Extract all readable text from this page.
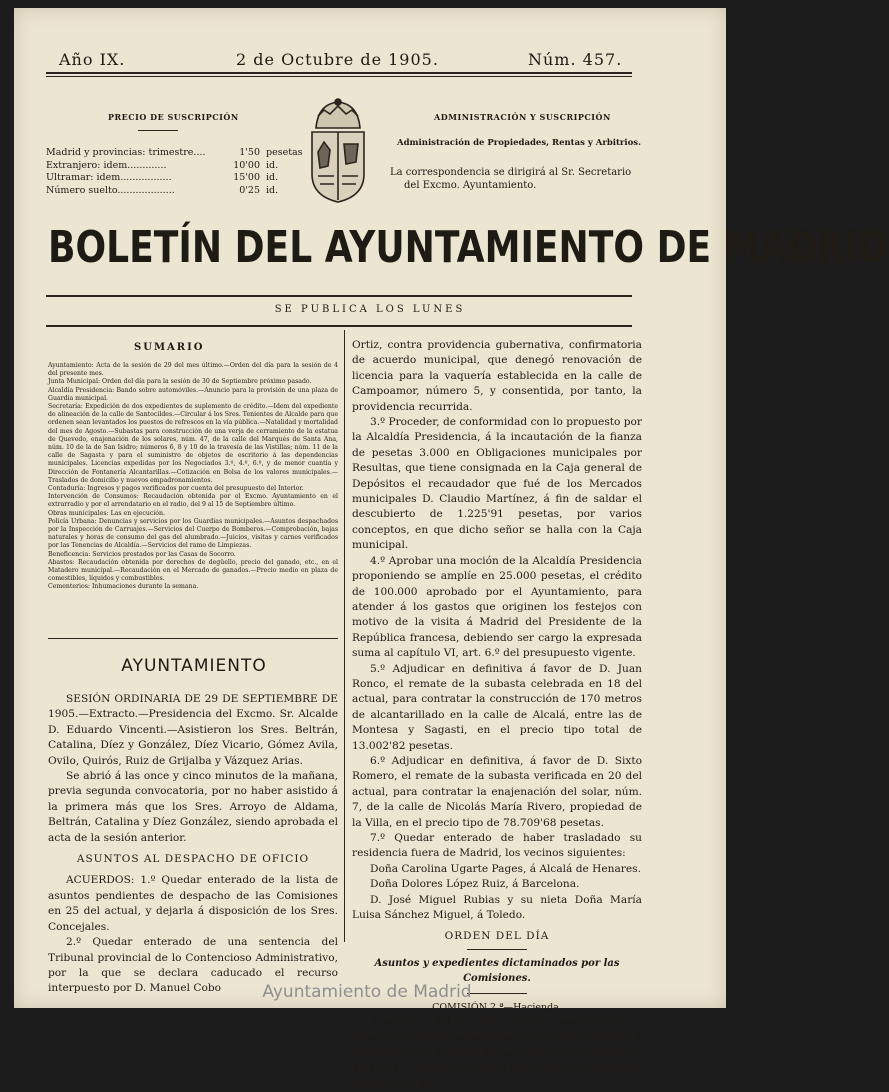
Año IX.	2 de Octubre de 1905.	Núm. 457.
PRECIO DE SUSCRIPCIÓN
Madrid y provincias: trimestre....	1'50 pesetas
Extranjero: idem.............	10'00 id.
Ultramar: idem.................	15'00 id.
Número suelto...................	0'25 id.
ADMINISTRACIÓN Y SUSCRIPCIÓN
Administración de Propiedades, Rentas y Arbitrios.
La correspondencia se dirigirá al Sr. Secretario
del Excmo. Ayuntamiento.
BOLETÍN DEL AYUNTAMIENTO DE MADRID
SE PUBLICA LOS LUNES
SUMARIO

Ayuntamiento: Acta de la sesión de 29 del mes último.—Orden del día para la sesión de 4 del presente mes.

Junta Municipal: Orden del día para la sesión de 30 de Septiembre próximo pasado.

Alcaldía Presidencia: Bando sobre automóviles.—Anuncio para la provisión de una plaza de Guardia municipal.

Secretaría: Expedición de dos expedientes de suplemento de crédito.—Idem del expediente de alineación de la calle de Santocildes.—Circular á los Sres. Tenientes de Alcalde para que ordenen sean levantados los puestos de refrescos en la vía pública.—Natalidad y mortalidad del mes de Agosto.—Subastas para construcción de una verja de cerramiento de la estatua de Quevedo, enajenación de los solares, núm. 47, de la calle del Marqués de Santa Ana, núm. 10 de la de San Isidro; números 6, 8 y 10 de la travesía de las Vistillas; núm. 11 de la calle de Sagasta y para el suministro de objetos de escritorio á las dependencias municipales. Licencias expedidas por los Negociados 3.º, 4.º, 6.º, y de menor cuantía y Dirección de Fontanería Alcantarillas.—Cotización en Bolsa de los valores municipales.—Traslados de domicilio y nuevos empadronamientos.

Contaduría: Ingresos y pagos verificados por cuenta del presupuesto del Interior.

Intervención de Consumos: Recaudación obtenida por el Excmo. Ayuntamiento en el extrarradio y por el arrendatario en el radio, del 9 al 15 de Septiembre último.

Obras municipales: Las en ejecución.

Policía Urbana: Denuncias y servicios por los Guardias municipales.—Asuntos despachados por la Inspección de Carruajes.—Servicios del Cuerpo de Bomberos.—Comprobación, bajas naturales y horas de consumo del gas del alumbrado.—Juicios, visitas y carnes verificados por las Tenencias de Alcaldía.—Servicios del ramo de Limpiezas.

Beneficencia: Servicios prestados por las Casas de Socorro.

Abastos: Recaudación obtenida por derechos de degüello, precio del ganado, etc., en el Matadero municipal.—Recaudación en el Mercado de ganados.—Precio medio en plaza de comestibles, líquidos y combustibles.

Cementerios: Inhumaciones durante la semana.

AYUNTAMIENTO

SESIÓN ORDINARIA DE 29 DE SEPTIEMBRE DE 1905.—Extracto.—Presidencia del Excmo. Sr. Alcalde D. Eduardo Vincenti.—Asistieron los Sres. Beltrán, Catalina, Díez y González, Díez Vicario, Gómez Avila, Ovilo, Quirós, Ruiz de Grijalba y Vázquez Arias.

Se abrió á las once y cinco minutos de la mañana, previa segunda convocatoria, por no haber asistido á la primera más que los Sres. Arroyo de Aldama, Beltrán, Catalina y Díez González, siendo aprobada el acta de la sesión anterior.

ASUNTOS AL DESPACHO DE OFICIO

ACUERDOS: 1.º Quedar enterado de la lista de asuntos pendientes de despacho de las Comisiones en 25 del actual, y dejarla á disposición de los Sres. Concejales.

2.º Quedar enterado de una sentencia del Tribunal provincial de lo Contencioso Administrativo, por la que se declara caducado el recurso interpuesto por D. Manuel Cobo

Ortiz, contra providencia gubernativa, confirmatoria de acuerdo municipal, que denegó renovación de licencia para la vaquería establecida en la calle de Campoamor, número 5, y consentida, por tanto, la providencia recurrida.

3.º Proceder, de conformidad con lo propuesto por la Alcaldía Presidencia, á la incautación de la fianza de pesetas 3.000 en Obligaciones municipales por Resultas, que tiene consignada en la Caja general de Depósitos el recaudador que fué de los Mercados municipales D. Claudio Martínez, á fin de saldar el descubierto de 1.225'91 pesetas, por varios conceptos, en que dicho señor se halla con la Caja municipal.

4.º Aprobar una moción de la Alcaldía Presidencia proponiendo se amplíe en 25.000 pesetas, el crédito de 100.000 aprobado por el Ayuntamiento, para atender á los gastos que originen los festejos con motivo de la visita á Madrid del Presidente de la República francesa, debiendo ser cargo la expresada suma al capítulo VI, art. 6.º del presupuesto vigente.

5.º Adjudicar en definitiva á favor de D. Juan Ronco, el remate de la subasta celebrada en 18 del actual, para contratar la construcción de 170 metros de alcantarillado en la calle de Alcalá, entre las de Montesa y Sagasti, en el precio tipo total de 13.002'82 pesetas.

6.º Adjudicar en definitiva, á favor de D. Sixto Romero, el remate de la subasta verificada en 20 del actual, para contratar la enajenación del solar, núm. 7, de la calle de Nicolás María Rivero, propiedad de la Villa, en el precio tipo de 78.709'68 pesetas.

7.º Quedar enterado de haber trasladado su residencia fuera de Madrid, los vecinos siguientes:

Doña Carolina Ugarte Pages, á Alcalá de Henares.

Doña Dolores López Ruiz, á Barcelona.

D. José Miguel Rubias y su nieta Doña María Luisa Sánchez Miguel, á Toledo.

ORDEN DEL DÍA
Asuntos y expedientes dictaminados por las Comisiones.
COMISIÓN 2.ª—Hacienda.

A petición del Sr. Díez Vicario, quedó sobre la mesa un informe proponiendo el reconocimiento é inclusión en el próximo presupuesto de un crédito de 43.138'47 pesetas por resto del gasto de alumbrado público en 1904.

Ayuntamiento de Madrid
